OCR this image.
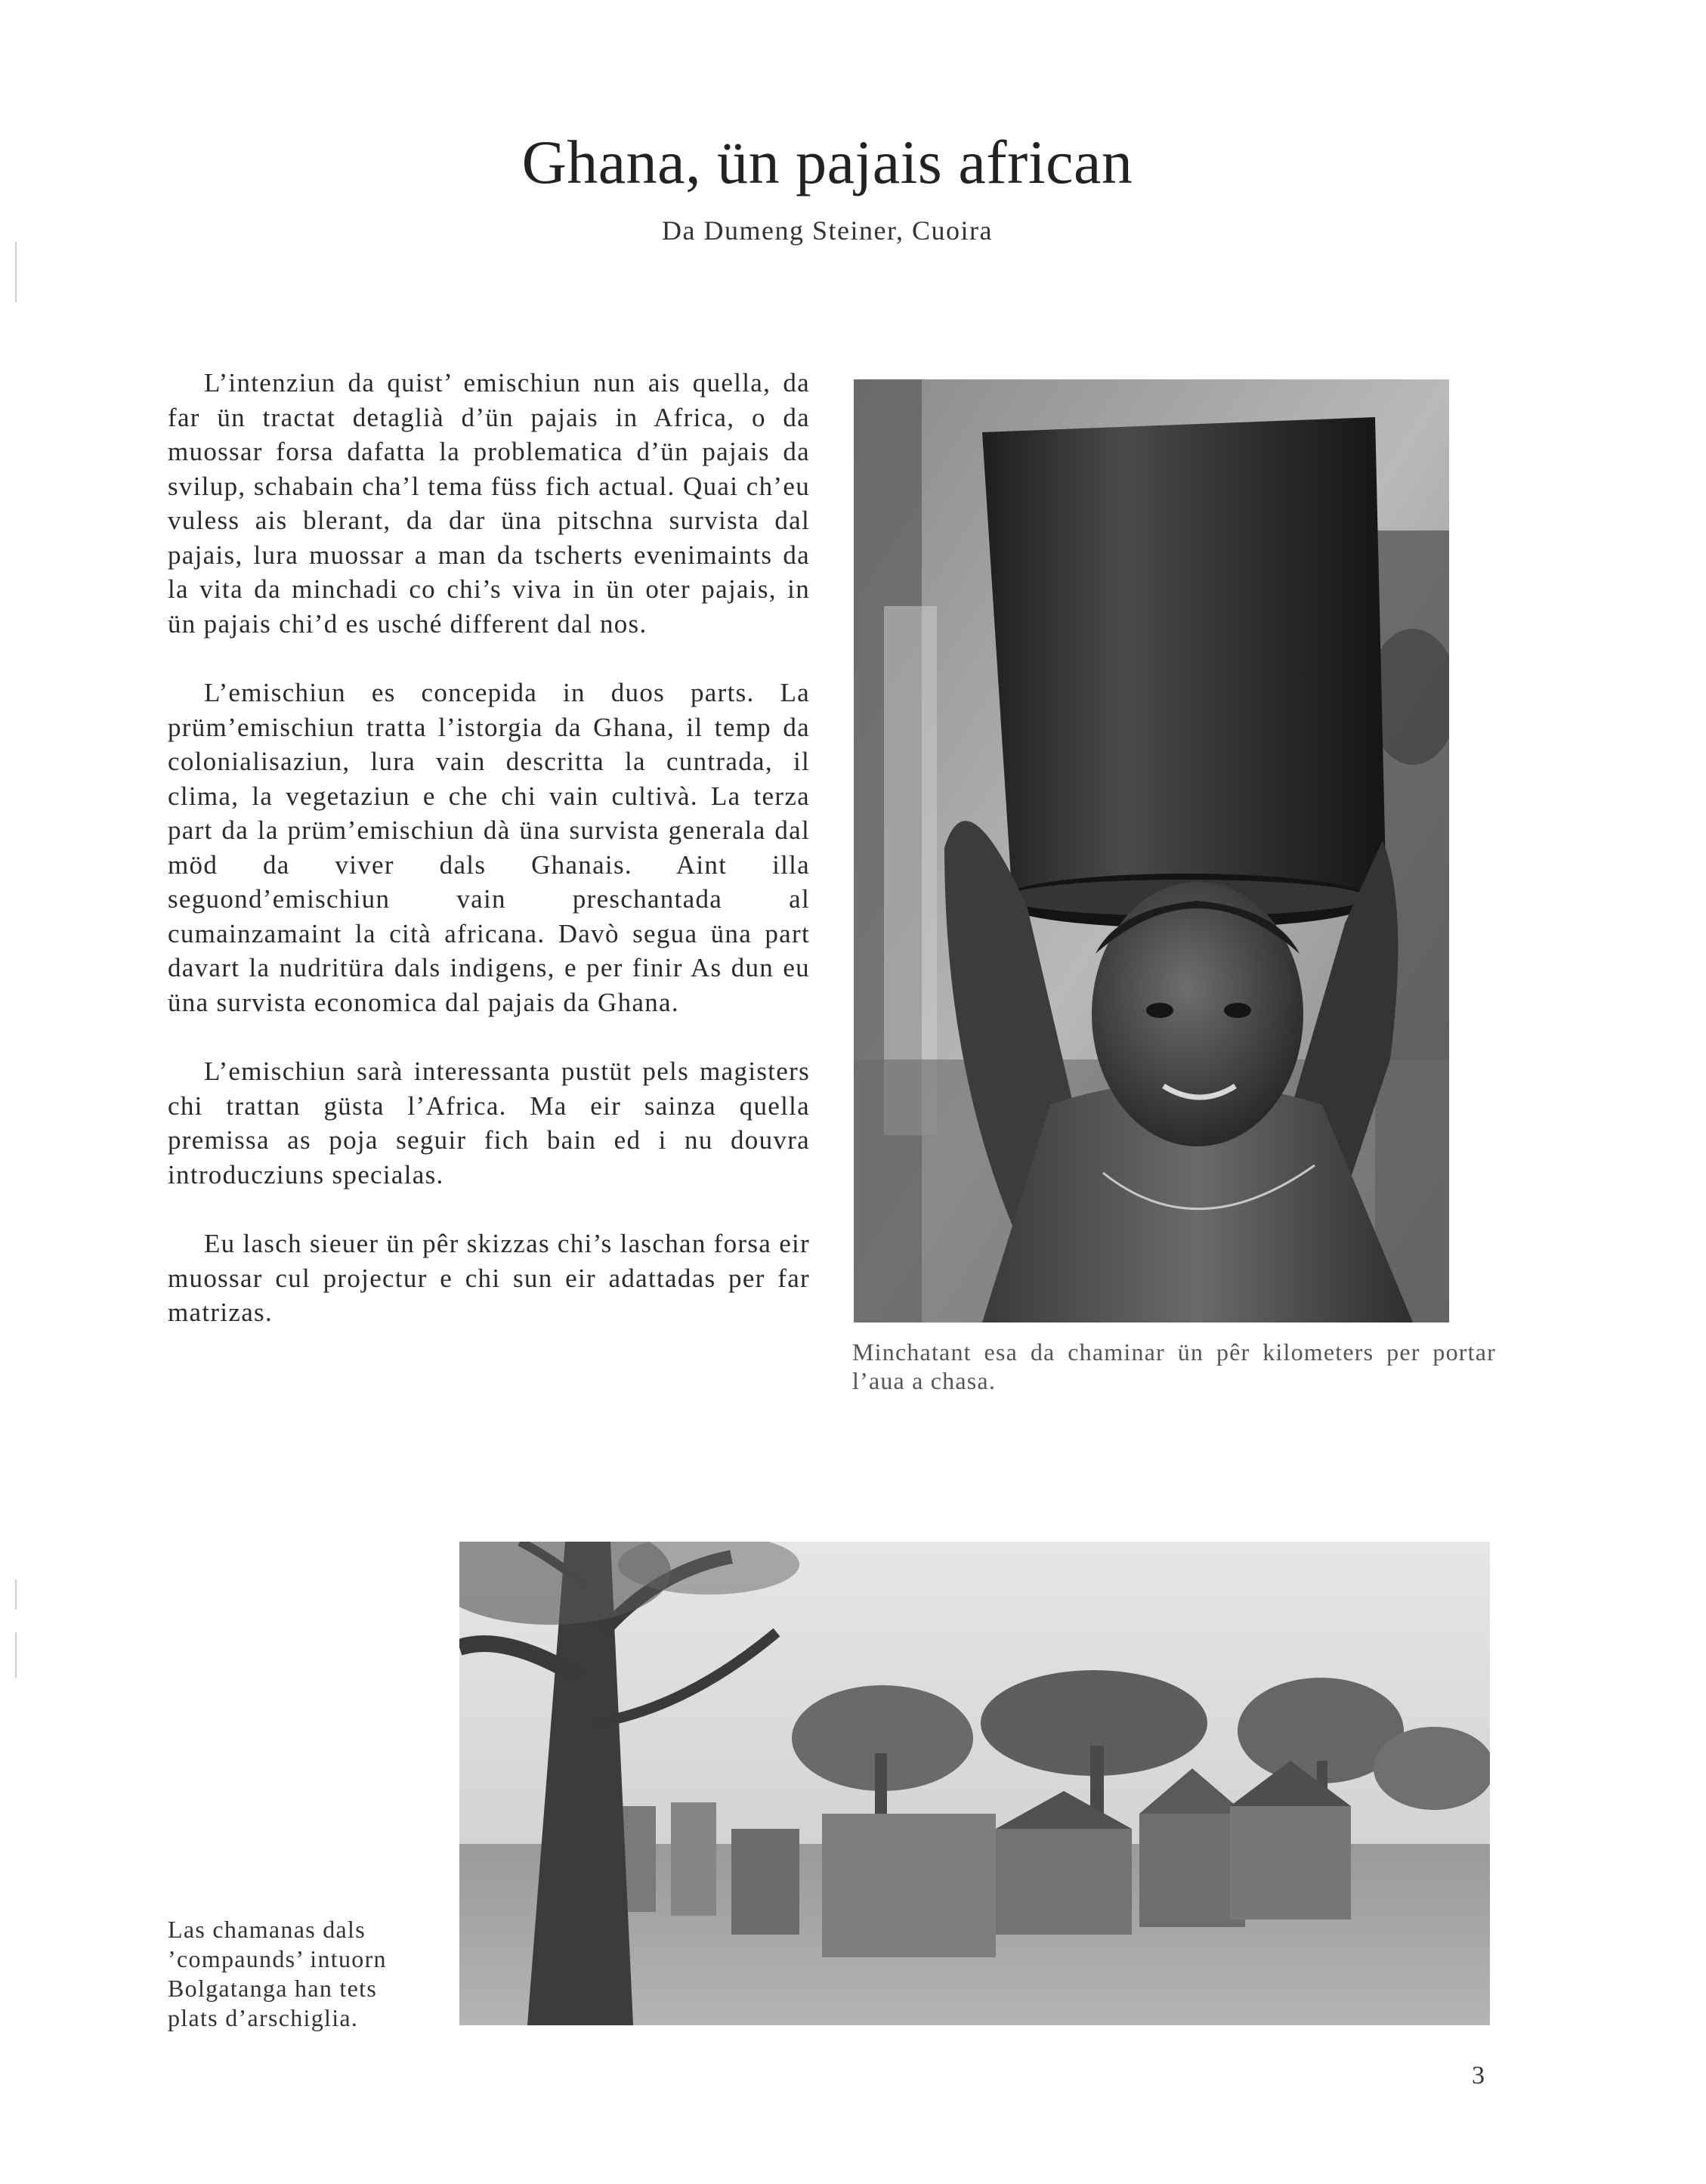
Ghana, ün pajais african
Da Dumeng Steiner, Cuoira

L’intenziun da quist’ emischiun nun ais quella, da far ün tractat detaglià d’ün pajais in Africa, o da muossar forsa dafatta la problematica d’ün pajais da svilup, schabain cha’l tema füss fich actual. Quai ch’eu vuless ais blerant, da dar üna pitschna survista dal pajais, lura muossar a man da tscherts evenimaints da la vita da minchadi co chi’s viva in ün oter pajais, in ün pajais chi’d es usché different dal nos.

L’emischiun es concepida in duos parts. La prüm’emischiun tratta l’istorgia da Ghana, il temp da colonialisaziun, lura vain descritta la cuntrada, il clima, la vegetaziun e che chi vain cultivà. La terza part da la prüm’emischiun dà üna survista generala dal möd da viver dals Ghanais. Aint illa seguond’emischiun vain preschantada al cumainzamaint la cità africana. Davò segua üna part davart la nudritüra dals indigens, e per finir As dun eu üna survista economica dal pajais da Ghana.

L’emischiun sarà interessanta pustüt pels magisters chi trattan güsta l’Africa. Ma eir sainza quella premissa as poja seguir fich bain ed i nu douvra introducziuns specialas.

Eu lasch sieuer ün pêr skizzas chi’s laschan forsa eir muossar cul projectur e chi sun eir adattadas per far matrizas.

Minchatant esa da chaminar ün pêr kilometers per portar l’aua a chasa.
Las chamanas dals ’compaunds’ intuorn Bolgatanga han tets plats d’arschiglia.
3
